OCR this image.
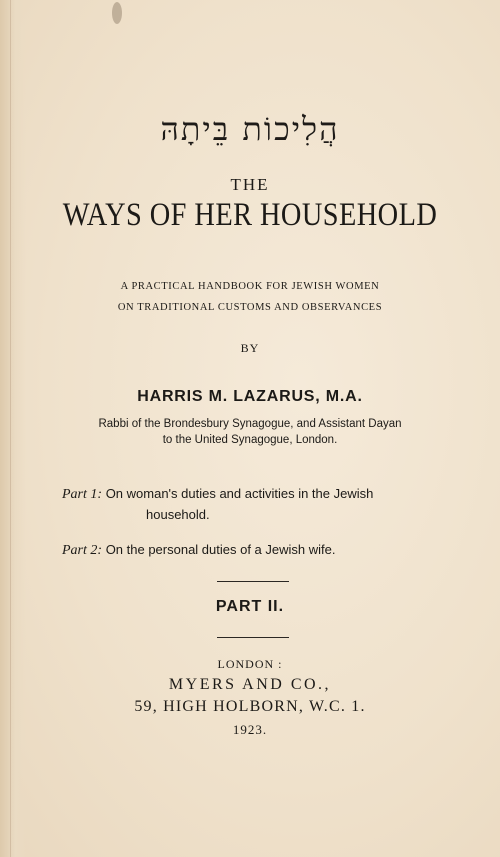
הֲלִיכוֹת בֵּיתָהּ
THE
WAYS OF HER HOUSEHOLD
A PRACTICAL HANDBOOK FOR JEWISH WOMEN
ON TRADITIONAL CUSTOMS AND OBSERVANCES
BY
HARRIS M. LAZARUS, M.A.
Rabbi of the Brondesbury Synagogue, and Assistant Dayan
to the United Synagogue, London.
Part 1: On woman's duties and activities in the Jewish
household.
Part 2: On the personal duties of a Jewish wife.
PART II.
LONDON :
MYERS AND CO.,
59, HIGH HOLBORN, W.C. 1.
1923.
